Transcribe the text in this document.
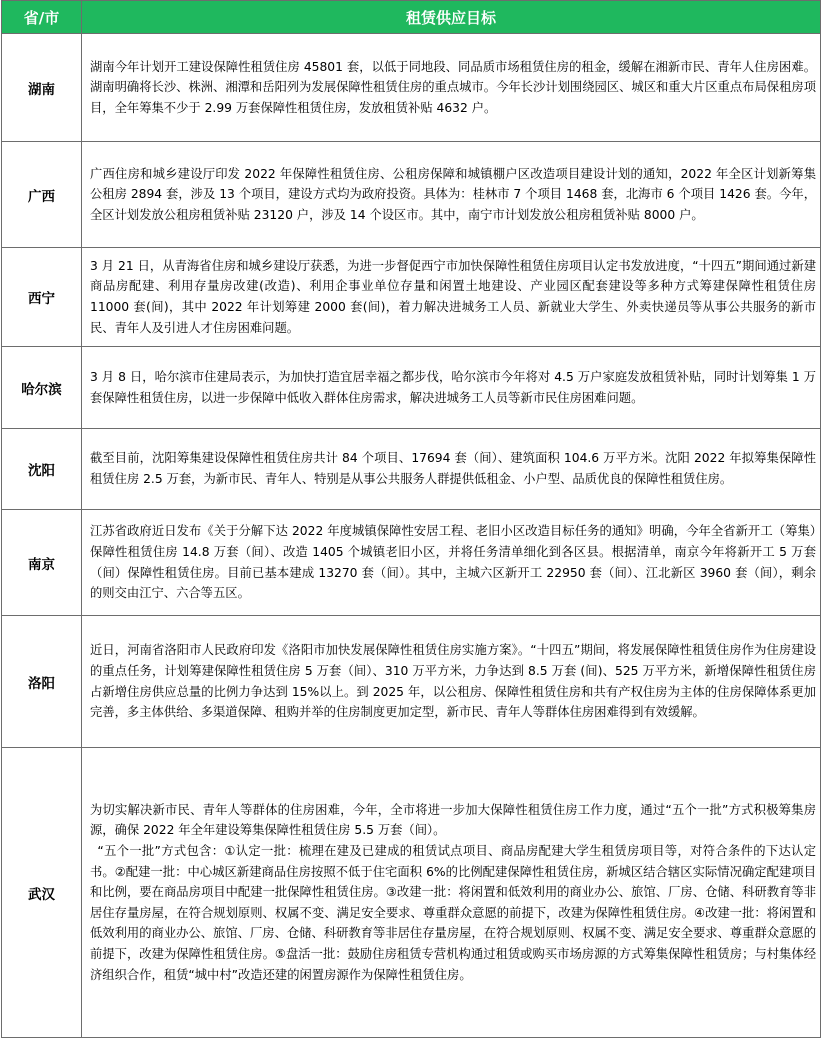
省/市	租赁供应目标
湖南	湖南今年计划开工建设保障性租赁住房 45801 套，以低于同地段、同品质市场租赁住房的租金，缓解在湘新市民、青年人住房困难。湖南明确将长沙、株洲、湘潭和岳阳列为发展保障性租赁住房的重点城市。今年长沙计划围绕园区、城区和重大片区重点布局保租房项目，全年筹集不少于 2.99 万套保障性租赁住房，发放租赁补贴 4632 户。

广西	广西住房和城乡建设厅印发 2022 年保障性租赁住房、公租房保障和城镇棚户区改造项目建设计划的通知，2022 年全区计划新筹集公租房 2894 套，涉及 13 个项目，建设方式均为政府投资。具体为：桂林市 7 个项目 1468 套，北海市 6 个项目 1426 套。今年，全区计划发放公租房租赁补贴 23120 户，涉及 14 个设区市。其中，南宁市计划发放公租房租赁补贴 8000 户。

西宁	3 月 21 日，从青海省住房和城乡建设厅获悉，为进一步督促西宁市加快保障性租赁住房项目认定书发放进度，“十四五”期间通过新建商品房配建、利用存量房改建(改造)、利用企事业单位存量和闲置土地建设、产业园区配套建设等多种方式筹建保障性租赁住房 11000 套(间)，其中 2022 年计划筹建 2000 套(间)，着力解决进城务工人员、新就业大学生、外卖快递员等从事公共服务的新市民、青年人及引进人才住房困难问题。

哈尔滨	3 月 8 日，哈尔滨市住建局表示，为加快打造宜居幸福之都步伐，哈尔滨市今年将对 4.5 万户家庭发放租赁补贴，同时计划筹集 1 万套保障性租赁住房，以进一步保障中低收入群体住房需求，解决进城务工人员等新市民住房困难问题。

沈阳	截至目前，沈阳筹集建设保障性租赁住房共计 84 个项目、17694 套（间）、建筑面积 104.6 万平方米。沈阳 2022 年拟筹集保障性租赁住房 2.5 万套，为新市民、青年人、特别是从事公共服务人群提供低租金、小户型、品质优良的保障性租赁住房。

南京	江苏省政府近日发布《关于分解下达 2022 年度城镇保障性安居工程、老旧小区改造目标任务的通知》明确，今年全省新开工（筹集）保障性租赁住房 14.8 万套（间）、改造 1405 个城镇老旧小区，并将任务清单细化到各区县。根据清单，南京今年将新开工 5 万套（间）保障性租赁住房。目前已基本建成 13270 套（间）。其中，主城六区新开工 22950 套（间）、江北新区 3960 套（间），剩余的则交由江宁、六合等五区。

洛阳	近日，河南省洛阳市人民政府印发《洛阳市加快发展保障性租赁住房实施方案》。“十四五”期间，将发展保障性租赁住房作为住房建设的重点任务，计划筹建保障性租赁住房 5 万套（间）、310 万平方米，力争达到 8.5 万套 (间)、525 万平方米，新增保障性租赁住房占新增住房供应总量的比例力争达到 15%以上。到 2025 年，以公租房、保障性租赁住房和共有产权住房为主体的住房保障体系更加完善，多主体供给、多渠道保障、租购并举的住房制度更加定型，新市民、青年人等群体住房困难得到有效缓解。

武汉	为切实解决新市民、青年人等群体的住房困难，今年，全市将进一步加大保障性租赁住房工作力度，通过“五个一批”方式积极筹集房源，确保 2022 年全年建设筹集保障性租赁住房 5.5 万套（间）。

“五个一批”方式包含：①认定一批：梳理在建及已建成的租赁试点项目、商品房配建大学生租赁房项目等，对符合条件的下达认定书。②配建一批：中心城区新建商品住房按照不低于住宅面积 6%的比例配建保障性租赁住房，新城区结合辖区实际情况确定配建项目和比例，要在商品房项目中配建一批保障性租赁住房。③改建一批：将闲置和低效利用的商业办公、旅馆、厂房、仓储、科研教育等非居住存量房屋，在符合规划原则、权属不变、满足安全要求、尊重群众意愿的前提下，改建为保障性租赁住房。④改建一批：将闲置和低效利用的商业办公、旅馆、厂房、仓储、科研教育等非居住存量房屋，在符合规划原则、权属不变、满足安全要求、尊重群众意愿的前提下，改建为保障性租赁住房。⑤盘活一批：鼓励住房租赁专营机构通过租赁或购买市场房源的方式筹集保障性租赁房；与村集体经济组织合作，租赁“城中村”改造还建的闲置房源作为保障性租赁住房。
